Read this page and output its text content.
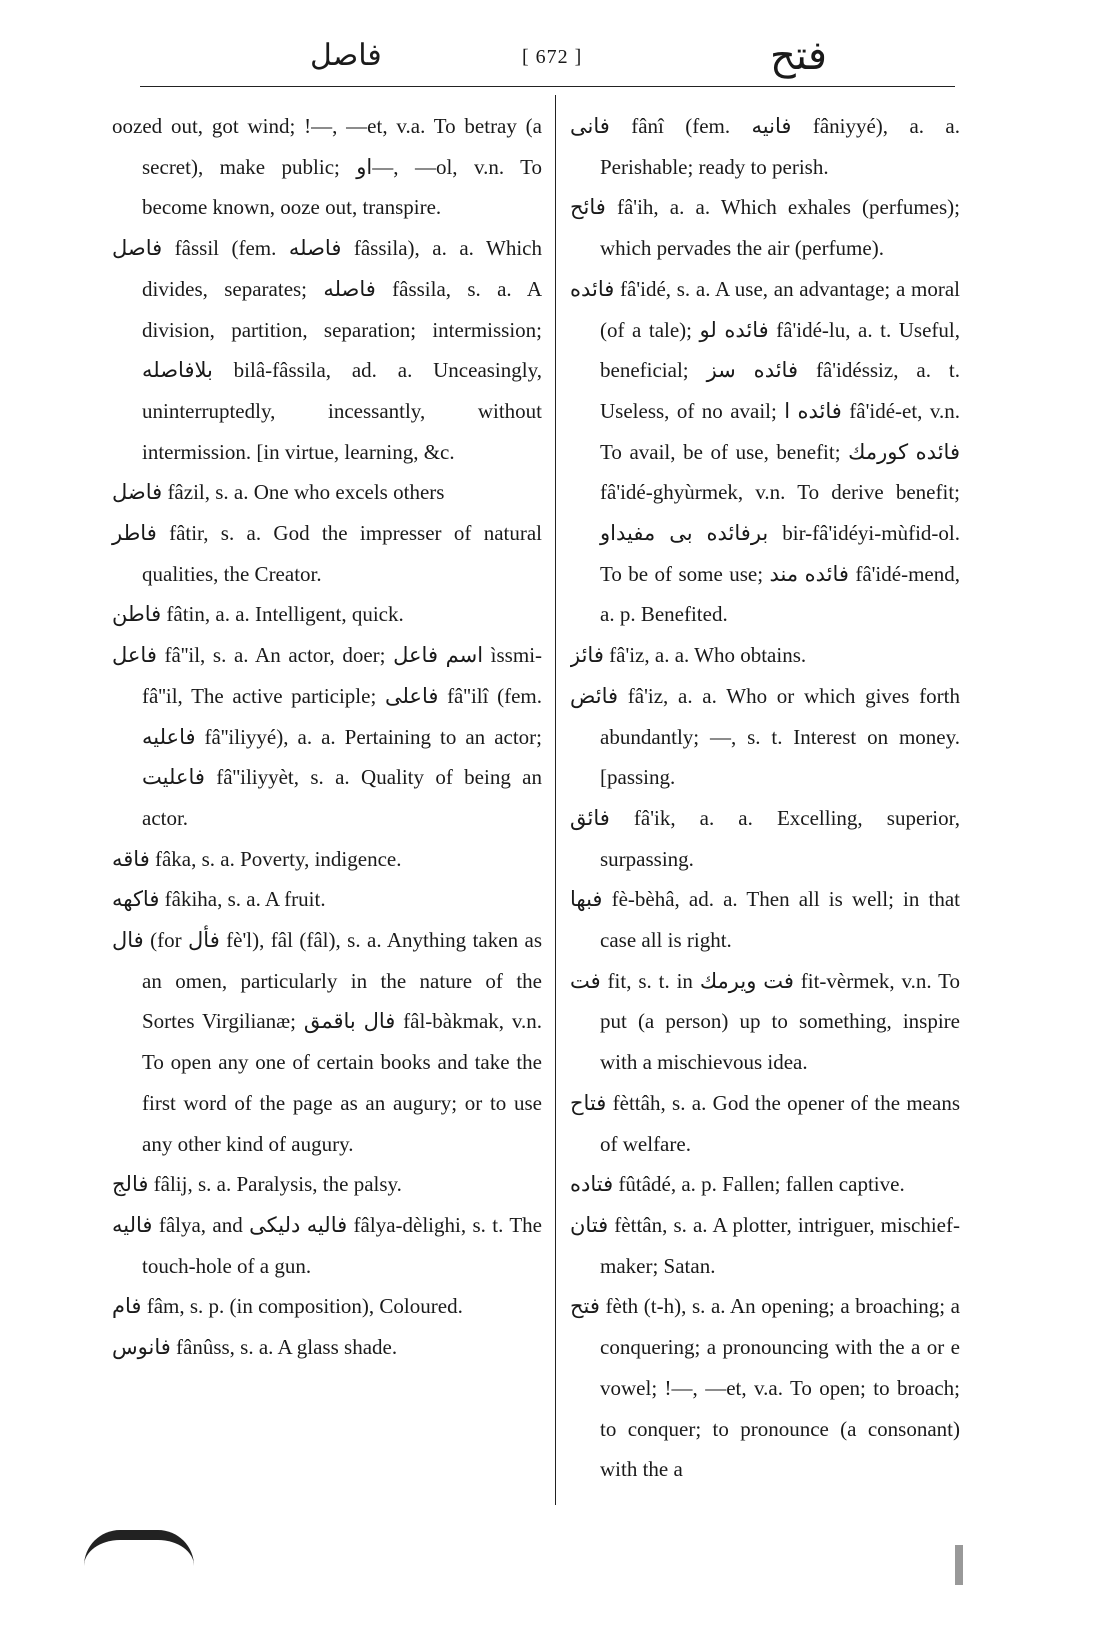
فاصل	[ 672 ]	فتح

oozed out, got wind; !—, —et, v.a. To betray (a secret), make public; او—, —ol, v.n. To become known, ooze out, transpire.

فاصل fâssil (fem. فاصله fâssila), a. a. Which divides, separates; فاصله fâssila, s. a. A division, partition, separation; intermission; بلافاصله bilâ-fâssila, ad. a. Unceasingly, uninterruptedly, incessantly, without intermission. [in virtue, learning, &c.

فاضل fâzil, s. a. One who excels others

فاطر fâtir, s. a. God the impresser of natural qualities, the Creator.

فاطن fâtin, a. a. Intelligent, quick.

فاعل fâ''il, s. a. An actor, doer; اسم فاعل ìssmi-fâ''il, The active participle; فاعلى fâ''ilî (fem. فاعليه fâ''iliyyé), a. a. Pertaining to an actor; فاعليت fâ''iliyyèt, s. a. Quality of being an actor.

فاقه fâka, s. a. Poverty, indigence.

فاكهه fâkiha, s. a. A fruit.

فال (for فأل fè'l), fâl (fâl), s. a. Anything taken as an omen, particularly in the nature of the Sortes Virgilianæ; فال باقمق fâl-bàkmak, v.n. To open any one of certain books and take the first word of the page as an augury; or to use any other kind of augury.

فالج fâlij, s. a. Paralysis, the palsy.

فاليه fâlya, and فاليه دليكى fâlya-dèlighi, s. t. The touch-hole of a gun.

فام fâm, s. p. (in composition), Coloured.

فانوس fânûss, s. a. A glass shade.

فانى fânî (fem. فانيه fâniyyé), a. a. Perishable; ready to perish.

فائح fâ'ih, a. a. Which exhales (perfumes); which pervades the air (perfume).

فائده fâ'idé, s. a. A use, an advantage; a moral (of a tale); فائده لو fâ'idé-lu, a. t. Useful, beneficial; فائده سز fâ'idéssiz, a. t. Useless, of no avail; فائده ا fâ'idé-et, v.n. To avail, be of use, benefit; فائده كورمك fâ'idé-ghyùrmek, v.n. To derive benefit; برفائده بى مفيداو bir-fâ'idéyi-mùfid-ol. To be of some use; فائده مند fâ'idé-mend, a. p. Benefited.

فائز fâ'iz, a. a. Who obtains.

فائض fâ'iz, a. a. Who or which gives forth abundantly; —, s. t. Interest on money. [passing.

فائق fâ'ik, a. a. Excelling, superior, surpassing.

فبها fè-bèhâ, ad. a. Then all is well; in that case all is right.

فت fit, s. t. in فت ويرمك fit-vèrmek, v.n. To put (a person) up to something, inspire with a mischievous idea.

فتاح fèttâh, s. a. God the opener of the means of welfare.

فتاده fûtâdé, a. p. Fallen; fallen captive.

فتان fèttân, s. a. A plotter, intriguer, mischief-maker; Satan.

فتح fèth (t-h), s. a. An opening; a broaching; a conquering; a pronouncing with the a or e vowel; !—, —et, v.a. To open; to broach; to conquer; to pronounce (a consonant) with the a
